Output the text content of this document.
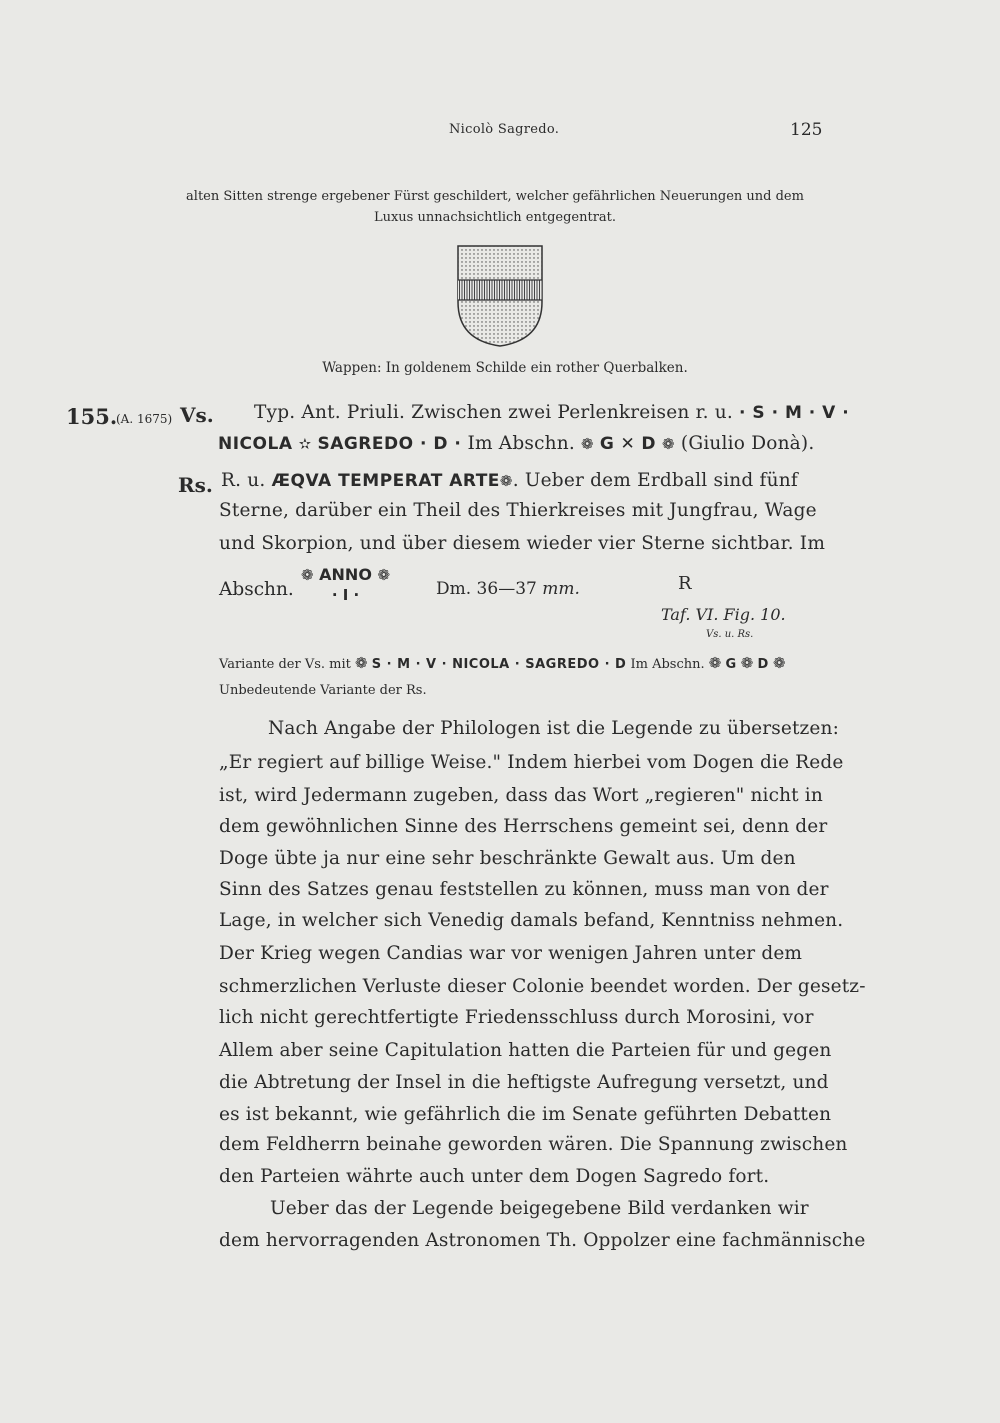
Nicolò Sagredo.	125
alten Sitten strenge ergebener Fürst geschildert, welcher gefährlichen Neuerungen und dem
Luxus unnachsichtlich entgegentrat.
Wappen: In goldenem Schilde ein rother Querbalken.
155.
(A. 1675) Vs.
Rs.
Typ. Ant. Priuli. Zwischen zwei Perlenkreisen r. u. · S · M · V ·
NICOLA ✫ SAGREDO · D · Im Abschn. ❁ G ✕ D ❁ (Giulio Donà).
R. u. ÆQVA TEMPERAT ARTE❁. Ueber dem Erdball sind fünf
Sterne, darüber ein Theil des Thierkreises mit Jungfrau, Wage
und Skorpion, und über diesem wieder vier Sterne sichtbar. Im
Abschn.
❁ ANNO ❁
· I ·	Dm. 36—37 mm.	R
Taf. VI. Fig. 10.
Vs. u. Rs.
Variante der Vs. mit ❁ S · M · V · NICOLA · SAGREDO · D Im Abschn. ❁ G ❁ D ❁
Unbedeutende Variante der Rs.
Nach Angabe der Philologen ist die Legende zu übersetzen:
„Er regiert auf billige Weise." Indem hierbei vom Dogen die Rede
ist, wird Jedermann zugeben, dass das Wort „regieren" nicht in
dem gewöhnlichen Sinne des Herrschens gemeint sei, denn der
Doge übte ja nur eine sehr beschränkte Gewalt aus. Um den
Sinn des Satzes genau feststellen zu können, muss man von der
Lage, in welcher sich Venedig damals befand, Kenntniss nehmen.
Der Krieg wegen Candias war vor wenigen Jahren unter dem
schmerzlichen Verluste dieser Colonie beendet worden. Der gesetz-
lich nicht gerechtfertigte Friedensschluss durch Morosini, vor
Allem aber seine Capitulation hatten die Parteien für und gegen
die Abtretung der Insel in die heftigste Aufregung versetzt, und
es ist bekannt, wie gefährlich die im Senate geführten Debatten
dem Feldherrn beinahe geworden wären. Die Spannung zwischen
den Parteien währte auch unter dem Dogen Sagredo fort.
Ueber das der Legende beigegebene Bild verdanken wir
dem hervorragenden Astronomen Th. Oppolzer eine fachmännische
